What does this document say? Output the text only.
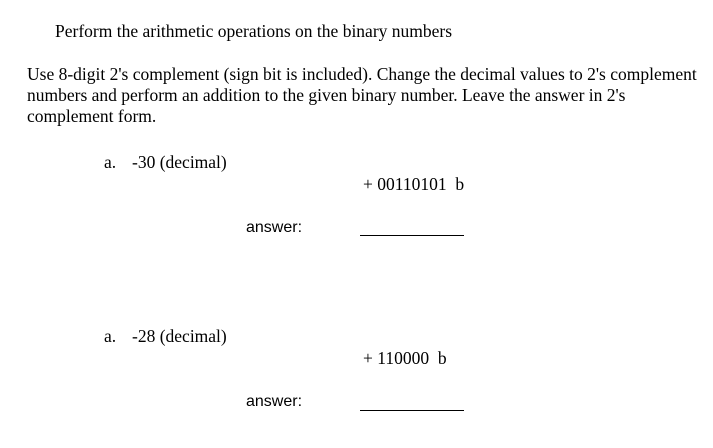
Perform the arithmetic operations on the binary numbers
Use 8-digit 2's complement (sign bit is included). Change the decimal values to 2's complement numbers and perform an addition to the given binary number. Leave the answer in 2's complement form.
a. -30 (decimal)
+ 00110101  b
answer:
a. -28 (decimal)
+ 110000  b
answer:
